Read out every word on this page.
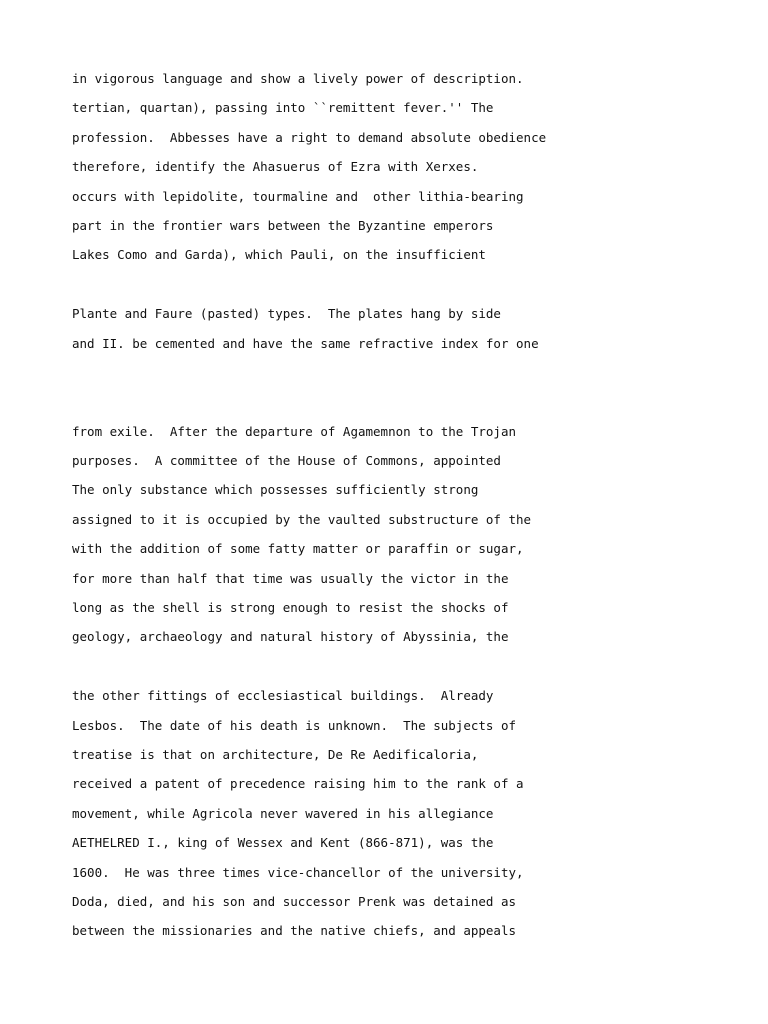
in vigorous language and show a lively power of description.
tertian, quartan), passing into ``remittent fever.'' The
profession.  Abbesses have a right to demand absolute obedience
therefore, identify the Ahasuerus of Ezra with Xerxes.
occurs with lepidolite, tourmaline and  other lithia-bearing
part in the frontier wars between the Byzantine emperors
Lakes Como and Garda), which Pauli, on the insufficient
Plante and Faure (pasted) types.  The plates hang by side
and II. be cemented and have the same refractive index for one
from exile.  After the departure of Agamemnon to the Trojan
purposes.  A committee of the House of Commons, appointed
The only substance which possesses sufficiently strong
assigned to it is occupied by the vaulted substructure of the
with the addition of some fatty matter or paraffin or sugar,
for more than half that time was usually the victor in the
long as the shell is strong enough to resist the shocks of
geology, archaeology and natural history of Abyssinia, the
the other fittings of ecclesiastical buildings.  Already
Lesbos.  The date of his death is unknown.  The subjects of
treatise is that on architecture, De Re Aedificaloria,
received a patent of precedence raising him to the rank of a
movement, while Agricola never wavered in his allegiance
AETHELRED I., king of Wessex and Kent (866-871), was the
1600.  He was three times vice-chancellor of the university,
Doda, died, and his son and successor Prenk was detained as
between the missionaries and the native chiefs, and appeals
